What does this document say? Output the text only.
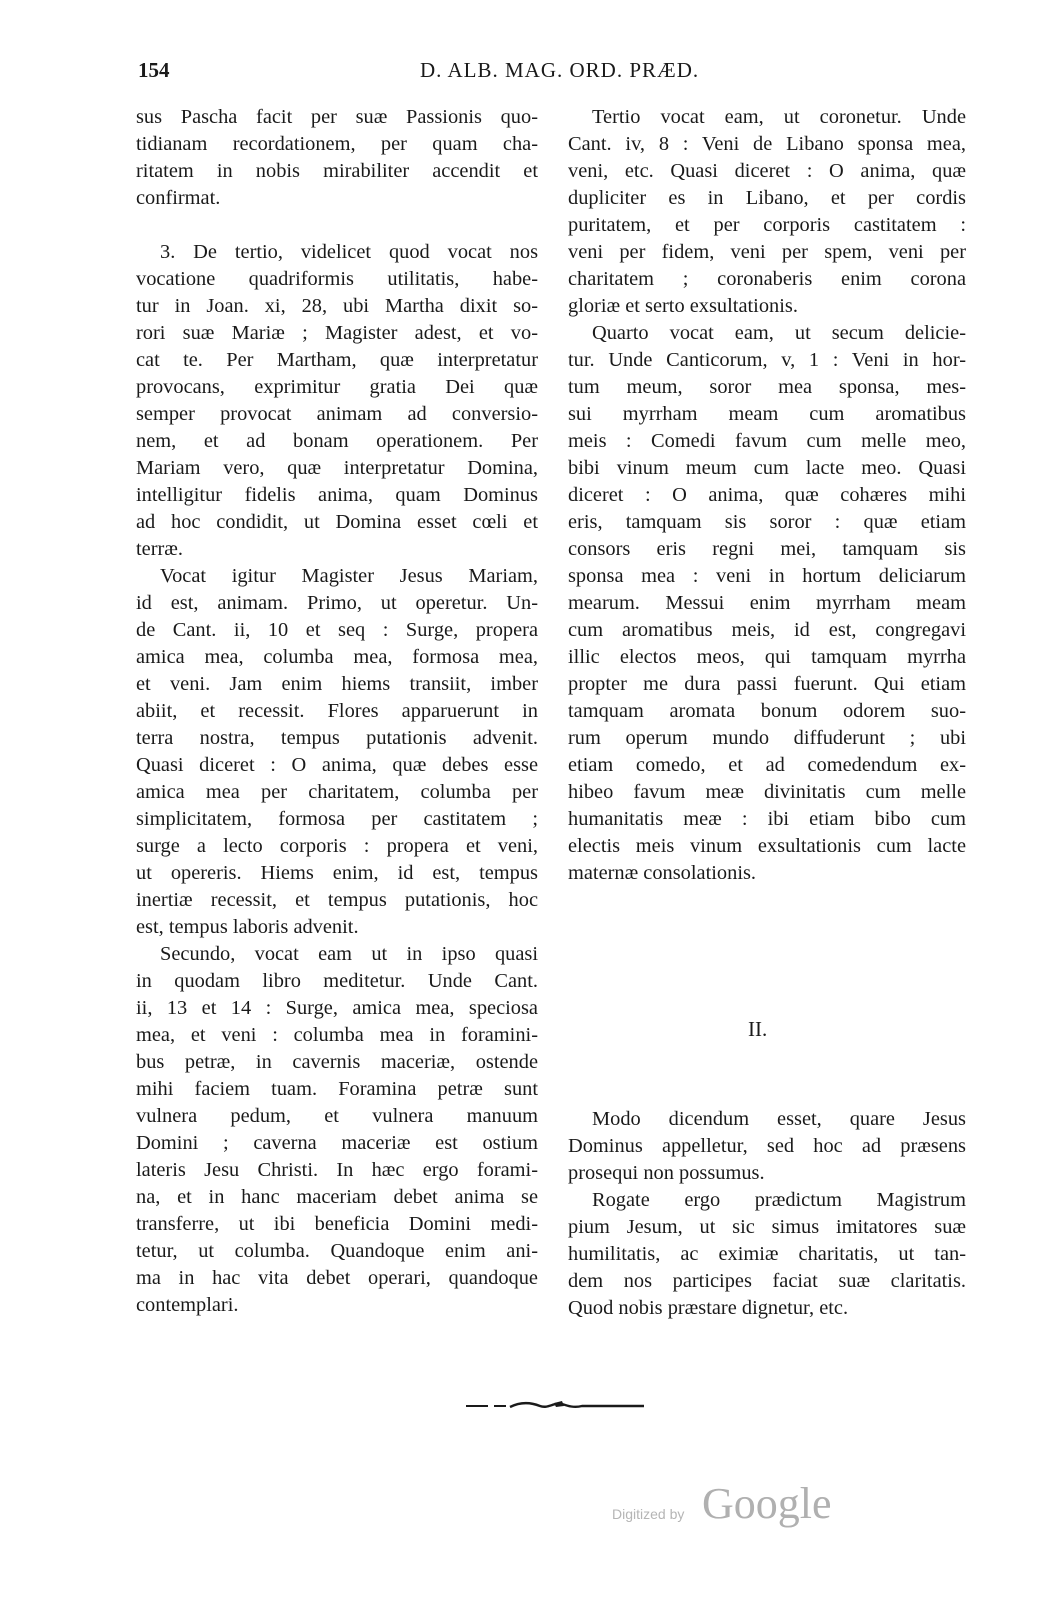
154	D. ALB. MAG. ORD. PRÆD.
sus Pascha facit per suæ Passionis quo-
tidianam recordationem, per quam cha-
ritatem in nobis mirabiliter accendit et
confirmat.
3. De tertio, videlicet quod vocat nos
vocatione quadriformis utilitatis, habe-
tur in Joan. xi, 28, ubi Martha dixit so-
rori suæ Mariæ ; Magister adest, et vo-
cat te. Per Martham, quæ interpretatur
provocans, exprimitur gratia Dei quæ
semper provocat animam ad conversio-
nem, et ad bonam operationem. Per
Mariam vero, quæ interpretatur Domina,
intelligitur fidelis anima, quam Dominus
ad hoc condidit, ut Domina esset cœli et
terræ.
Vocat igitur Magister Jesus Mariam,
id est, animam. Primo, ut operetur. Un-
de Cant. ii, 10 et seq : Surge, propera
amica mea, columba mea, formosa mea,
et veni. Jam enim hiems transiit, imber
abiit, et recessit. Flores apparuerunt in
terra nostra, tempus putationis advenit.
Quasi diceret : O anima, quæ debes esse
amica mea per charitatem, columba per
simplicitatem, formosa per castitatem ;
surge a lecto corporis : propera et veni,
ut opereris. Hiems enim, id est, tempus
inertiæ recessit, et tempus putationis, hoc
est, tempus laboris advenit.
Secundo, vocat eam ut in ipso quasi
in quodam libro meditetur. Unde Cant.
ii, 13 et 14 : Surge, amica mea, speciosa
mea, et veni : columba mea in foramini-
bus petræ, in cavernis maceriæ, ostende
mihi faciem tuam. Foramina petræ sunt
vulnera pedum, et vulnera manuum
Domini ; caverna maceriæ est ostium
lateris Jesu Christi. In hæc ergo forami-
na, et in hanc maceriam debet anima se
transferre, ut ibi beneficia Domini medi-
tetur, ut columba. Quandoque enim ani-
ma in hac vita debet operari, quandoque
contemplari.
Tertio vocat eam, ut coronetur. Unde
Cant. iv, 8 : Veni de Libano sponsa mea,
veni, etc. Quasi diceret : O anima, quæ
dupliciter es in Libano, et per cordis
puritatem, et per corporis castitatem :
veni per fidem, veni per spem, veni per
charitatem ; coronaberis enim corona
gloriæ et serto exsultationis.
Quarto vocat eam, ut secum delicie-
tur. Unde Canticorum, v, 1 : Veni in hor-
tum meum, soror mea sponsa, mes-
sui myrrham meam cum aromatibus
meis : Comedi favum cum melle meo,
bibi vinum meum cum lacte meo. Quasi
diceret : O anima, quæ cohæres mihi
eris, tamquam sis soror : quæ etiam
consors eris regni mei, tamquam sis
sponsa mea : veni in hortum deliciarum
mearum. Messui enim myrrham meam
cum aromatibus meis, id est, congregavi
illic electos meos, qui tamquam myrrha
propter me dura passi fuerunt. Qui etiam
tamquam aromata bonum odorem suo-
rum operum mundo diffuderunt ; ubi
etiam comedo, et ad comedendum ex-
hibeo favum meæ divinitatis cum melle
humanitatis meæ : ibi etiam bibo cum
electis meis vinum exsultationis cum lacte
maternæ consolationis.
II.
Modo dicendum esset, quare Jesus
Dominus appelletur, sed hoc ad præsens
prosequi non possumus.
Rogate ergo prædictum Magistrum
pium Jesum, ut sic simus imitatores suæ
humilitatis, ac eximiæ charitatis, ut tan-
dem nos participes faciat suæ claritatis.
Quod nobis præstare dignetur, etc.
Digitized by Google
